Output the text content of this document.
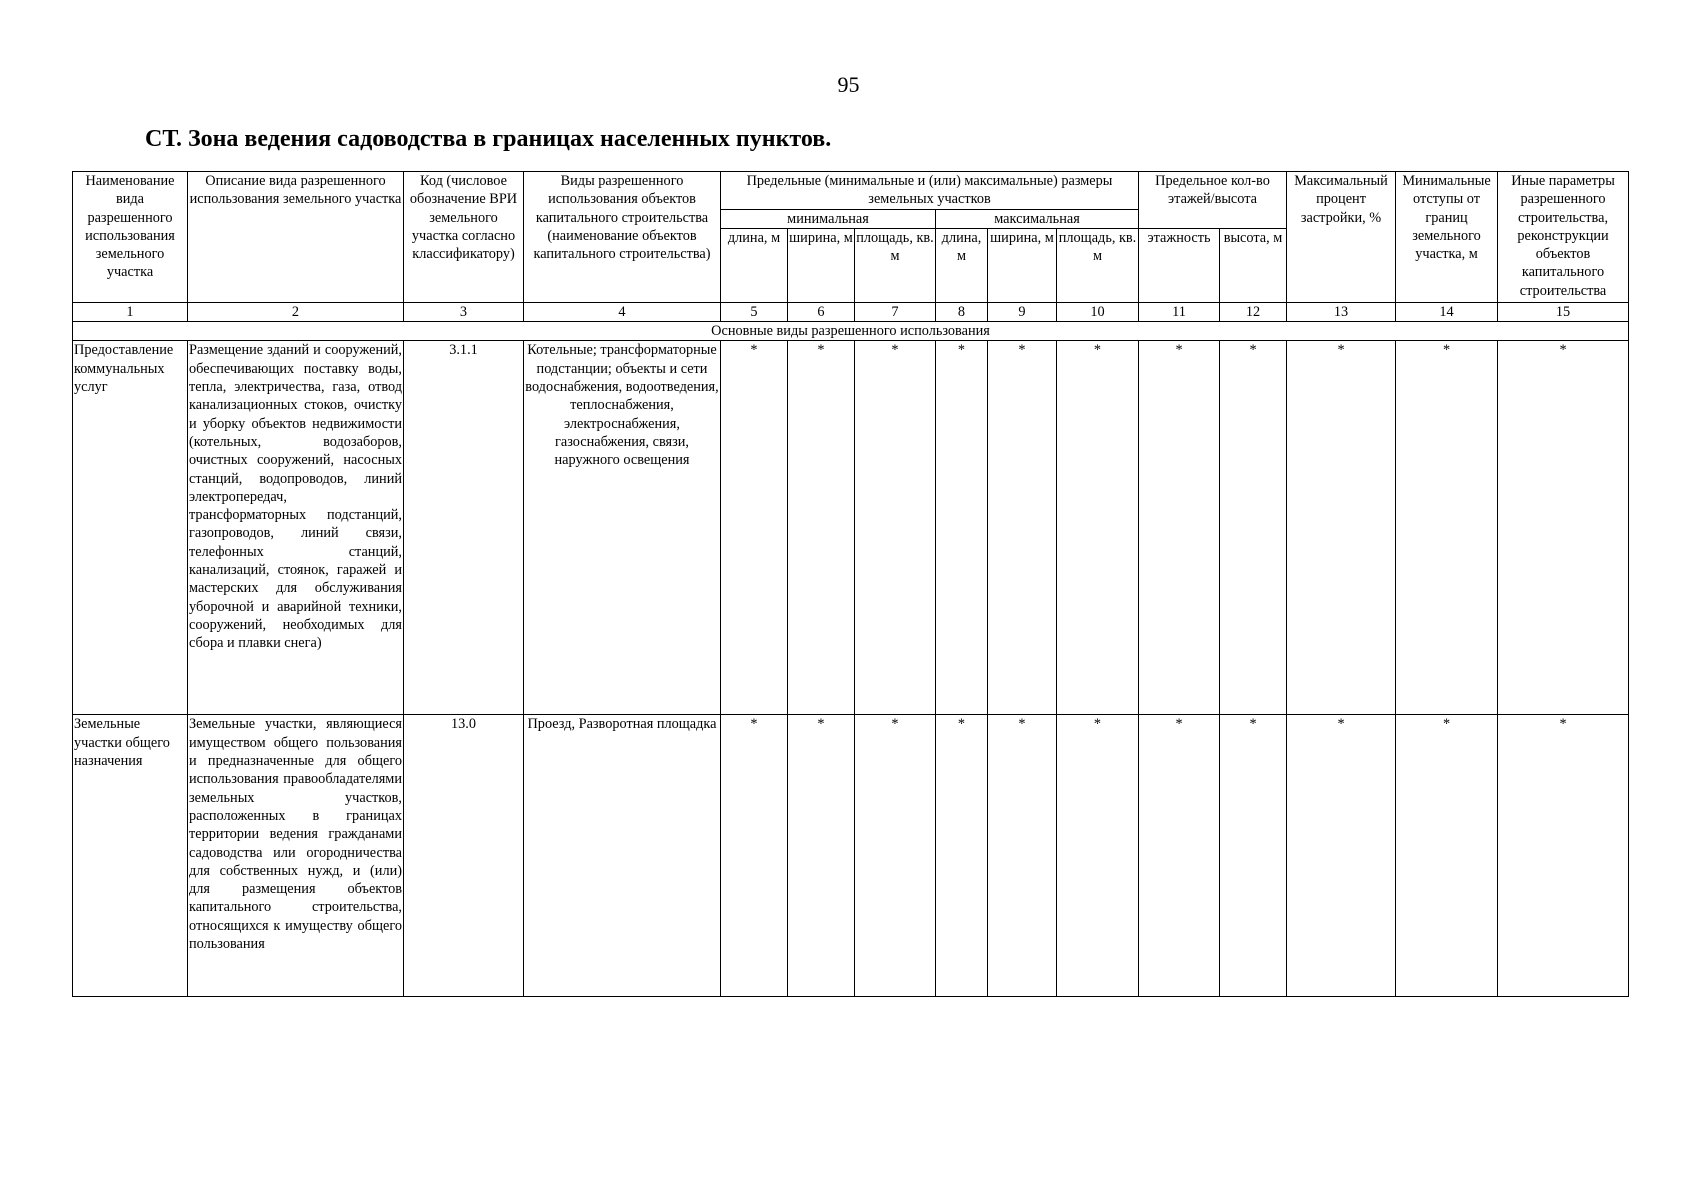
95
СТ. Зона ведения садоводства в границах населенных пунктов.
Наименование вида разрешенного использования земельного участка	Описание вида разрешенного использования земельного участка	Код (числовое обозначение ВРИ земельного участка согласно классификатору)	Виды разрешенного использования объектов капитального строительства (наименование объектов капитального строительства)	Предельные (минимальные и (или) максимальные) размеры земельных участков						Предельное кол-во этажей/высота		Максимальный процент застройки, %	Минимальные отступы от границ земельного участка, м	Иные параметры разрешенного строительства, реконструкции объектов капитального строительства
				минимальная			максимальная							
				длина, м	ширина, м	площадь, кв. м	длина, м	ширина, м	площадь, кв. м	этажность	высота, м			
1	2	3	4	5	6	7	8	9	10	11	12	13	14	15
Основные виды разрешенного использования														
Предоставление коммунальных услуг	Размещение зданий и сооружений, обеспечивающих поставку воды, тепла, электричества, газа, отвод канализационных стоков, очистку и уборку объектов недвижимости (котельных, водозаборов, очистных сооружений, насосных станций, водопроводов, линий электропередач, трансформаторных подстанций, газопроводов, линий связи, телефонных станций, канализаций, стоянок, гаражей и мастерских для обслуживания уборочной и аварийной техники, сооружений, необходимых для сбора и плавки снега)	3.1.1	Котельные; трансформаторные подстанции; объекты и сети водоснабжения, водоотведения, теплоснабжения, электроснабжения, газоснабжения, связи, наружного освещения	*	*	*	*	*	*	*	*	*	*	*
Земельные участки общего назначения	Земельные участки, являющиеся имуществом общего пользования и предназначенные для общего использования правообладателями земельных участков, расположенных в границах территории ведения гражданами садоводства или огородничества для собственных нужд, и (или) для размещения объектов капитального строительства, относящихся к имуществу общего пользования	13.0	Проезд, Разворотная площадка	*	*	*	*	*	*	*	*	*	*	*
